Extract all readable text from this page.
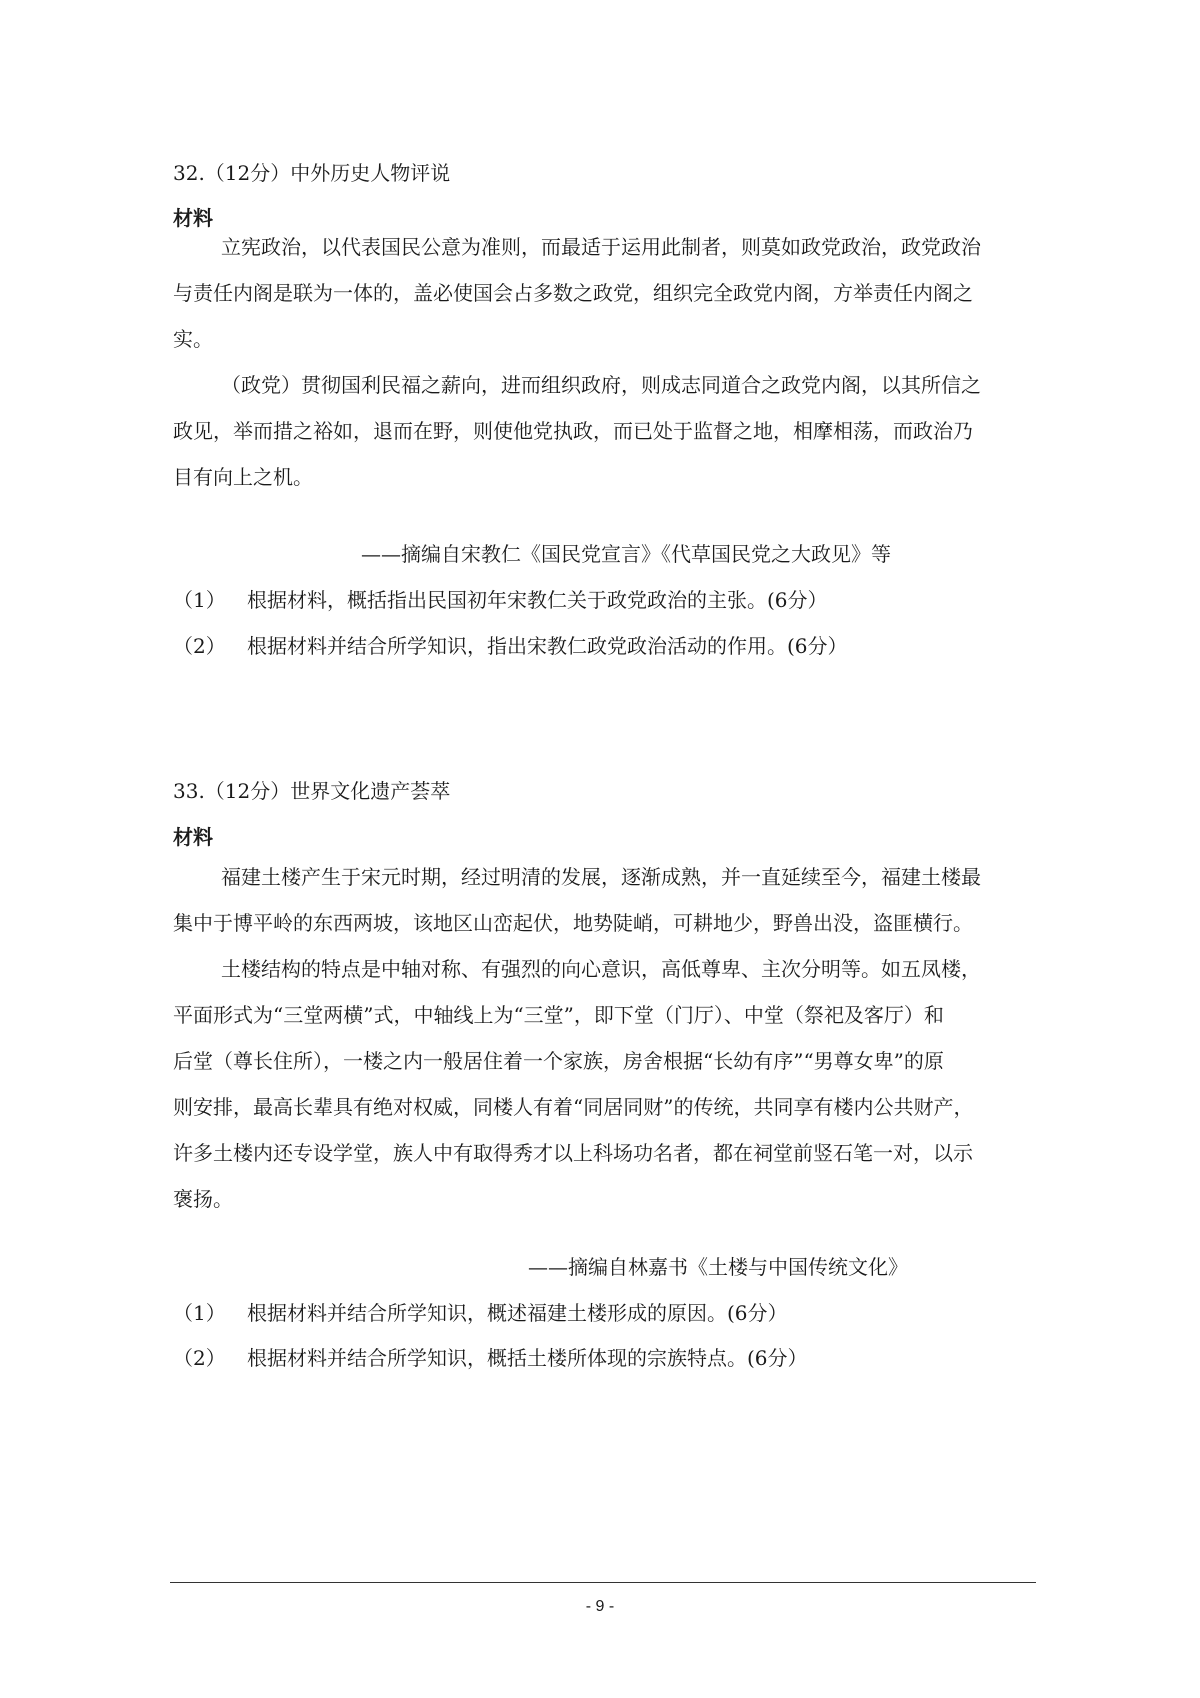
32.（12分）中外历史人物评说
材料
立宪政治，以代表国民公意为准则，而最适于运用此制者，则莫如政党政治，政党政治
与责任内阁是联为一体的，盖必使国会占多数之政党，组织完全政党内阁，方举责任内阁之
实。
（政党）贯彻国利民福之薪向，进而组织政府，则成志同道合之政党内阁，以其所信之
政见，举而措之裕如，退而在野，则使他党执政，而已处于监督之地，相摩相荡，而政治乃
目有向上之机。
——摘编自宋教仁《国民党宣言》《代草国民党之大政见》等
（1） 根据材料，概括指出民国初年宋教仁关于政党政治的主张。(6分）
（2） 根据材料并结合所学知识，指出宋教仁政党政治活动的作用。(6分）
33.（12分）世界文化遗产荟萃
材料
福建土楼产生于宋元时期，经过明清的发展，逐渐成熟，并一直延续至今，福建土楼最
集中于博平岭的东西两坡，该地区山峦起伏，地势陡峭，可耕地少，野兽出没，盗匪横行。
土楼结构的特点是中轴对称、有强烈的向心意识，高低尊卑、主次分明等。如五凤楼，
平面形式为“三堂两横”式，中轴线上为“三堂”，即下堂（门厅）、中堂（祭祀及客厅）和
后堂（尊长住所），一楼之内一般居住着一个家族，房舍根据“长幼有序”“男尊女卑”的原
则安排，最高长辈具有绝对权威，同楼人有着“同居同财”的传统，共同享有楼内公共财产，
许多土楼内还专设学堂，族人中有取得秀才以上科场功名者，都在祠堂前竖石笔一对，以示
褒扬。
——摘编自林嘉书《土楼与中国传统文化》
（1） 根据材料并结合所学知识，概述福建土楼形成的原因。(6分）
（2） 根据材料并结合所学知识，概括土楼所体现的宗族特点。(6分）
- 9 -
